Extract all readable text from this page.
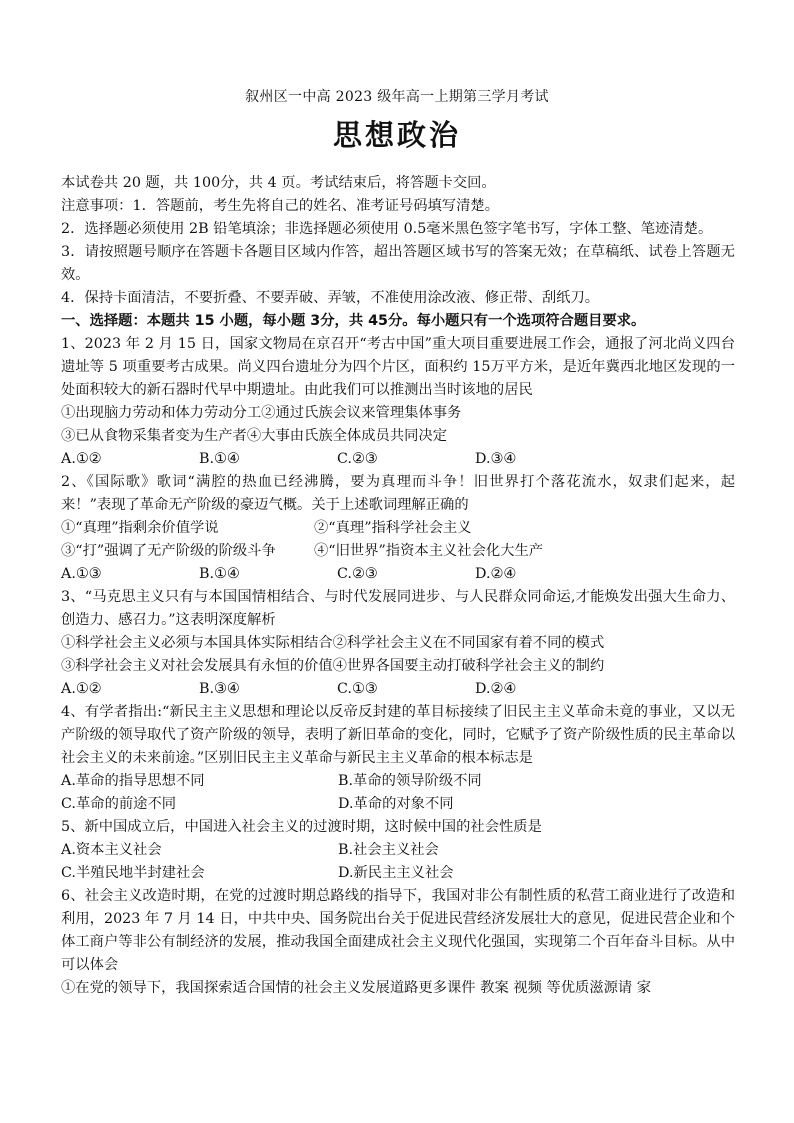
叙州区一中高 2023 级年高一上期第三学月考试
思想政治

本试卷共 20 题，共 100分，共 4 页。考试结束后，将答题卡交回。

注意事项：1．答题前，考生先将自己的姓名、准考证号码填写清楚。

2．选择题必须使用 2B 铅笔填涂；非选择题必须使用 0.5毫米黑色签字笔书写，字体工整、笔迹清楚。

3．请按照题号顺序在答题卡各题目区域内作答，超出答题区域书写的答案无效；在草稿纸、试卷上答题无效。

4．保持卡面清洁，不要折叠、不要弄破、弄皱，不准使用涂改液、修正带、刮纸刀。

一、选择题：本题共 15 小题，每小题 3分，共 45分。每小题只有一个选项符合题目要求。

1、2023 年 2 月 15 日，国家文物局在京召开“考古中国”重大项目重要进展工作会，通报了河北尚义四台遗址等 5 项重要考古成果。尚义四台遗址分为四个片区，面积约 15万平方米，是近年冀西北地区发现的一处面积较大的新石器时代早中期遗址。由此我们可以推测出当时该地的居民

①出现脑力劳动和体力劳动分工②通过氏族会议来管理集体事务

③已从食物采集者变为生产者④大事由氏族全体成员共同决定

A.①②	B.①④	C.②③	D.③④

2、《国际歌》歌词“满腔的热血已经沸腾，要为真理而斗争！旧世界打个落花流水，奴隶们起来，起来！”表现了革命无产阶级的豪迈气概。关于上述歌词理解正确的

①“真理”指剩余价值学说	②“真理”指科学社会主义
③“打”强调了无产阶级的阶级斗争	④“旧世界”指资本主义社会化大生产
A.①③	B.①④	C.②③	D.②④

3、“马克思主义只有与本国国情相结合、与时代发展同进步、与人民群众同命运,才能焕发出强大生命力、创造力、感召力。”这表明深度解析

①科学社会主义必须与本国具体实际相结合②科学社会主义在不同国家有着不同的模式

③科学社会主义对社会发展具有永恒的价值④世界各国要主动打破科学社会主义的制约

A.①②	B.③④	C.①③	D.②④

4、有学者指出:“新民主主义思想和理论以反帝反封建的革目标接续了旧民主主义革命未竟的事业，又以无产阶级的领导取代了资产阶级的领导，表明了新旧革命的变化，同时，它赋予了资产阶级性质的民主革命以社会主义的未来前途。”区别旧民主主义革命与新民主主义革命的根本标志是

A.革命的指导思想不同	B.革命的领导阶级不同
C.革命的前途不同	D.革命的对象不同

5、新中国成立后，中国进入社会主义的过渡时期，这时候中国的社会性质是

A.资本主义社会	B.社会主义社会
C.半殖民地半封建社会	D.新民主主义社会

6、社会主义改造时期，在党的过渡时期总路线的指导下，我国对非公有制性质的私营工商业进行了改造和利用，2023 年 7 月 14 日，中共中央、国务院出台关于促进民营经济发展壮大的意见，促进民营企业和个体工商户等非公有制经济的发展，推动我国全面建成社会主义现代化强国，实现第二个百年奋斗目标。从中可以体会

①在党的领导下，我国探索适合国情的社会主义发展道路更多课件 教案 视频 等优质滋源请 家
